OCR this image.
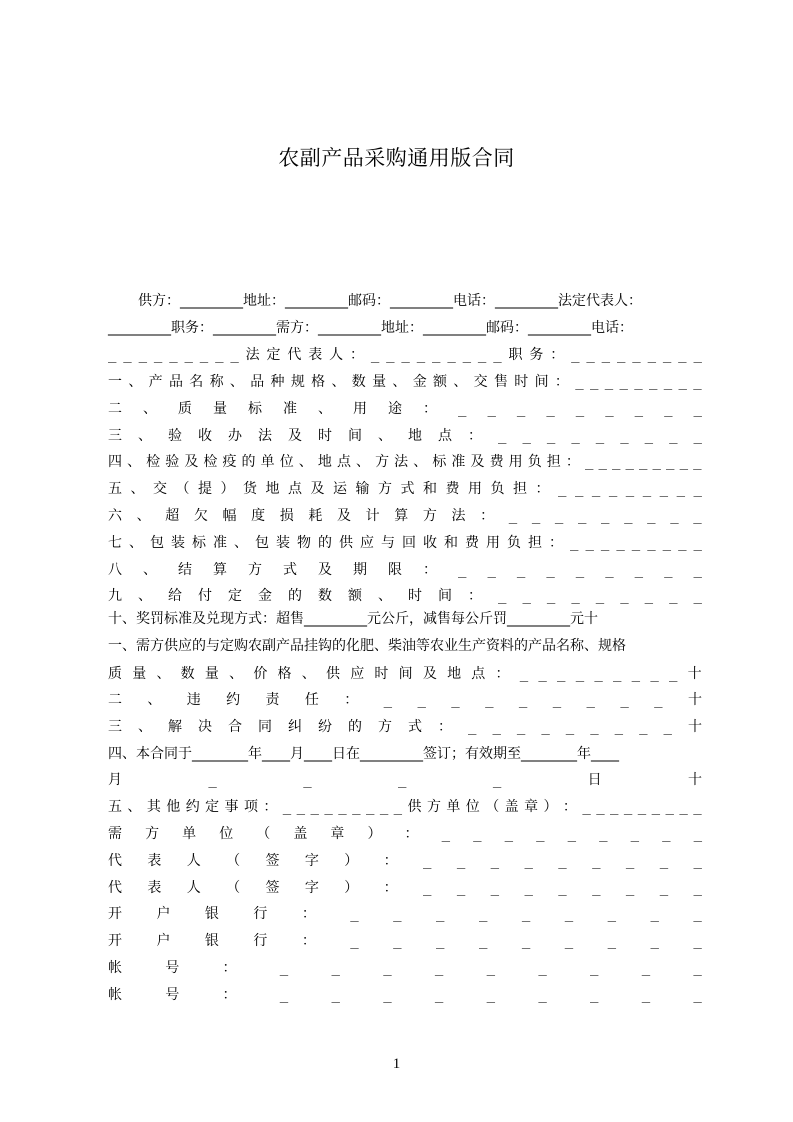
农副产品采购通用版合同
供方：_________地址：_________邮码：_________电话：_________法定代表人：
_________职务：_________需方：_________地址：_________邮码：_________电话：
_ _ _ _ _ _ _ _ _ 法 定 代 表 人 ： _ _ _ _ _ _ _ _ _ 职 务 ： _ _ _ _ _ _ _ _ _
一 、 产 品 名 称 、 品 种 规 格 、 数 量 、 金 额 、 交 售 时 间 ： _ _ _ _ _ _ _ _ _
二 、 质 量 标 准 、 用 途 ： _ _ _ _ _ _ _ _ _
三 、 验 收 办 法 及 时 间 、 地 点 ： _ _ _ _ _ _ _ _ _
四 、 检 验 及 检 疫 的 单 位 、 地 点 、 方 法 、 标 准 及 费 用 负 担 ： _ _ _ _ _ _ _ _ _
五 、 交 （ 提 ） 货 地 点 及 运 输 方 式 和 费 用 负 担 ： _ _ _ _ _ _ _ _ _
六 、 超 欠 幅 度 损 耗 及 计 算 方 法 ： _ _ _ _ _ _ _ _ _
七 、 包 装 标 准 、 包 装 物 的 供 应 与 回 收 和 费 用 负 担 ： _ _ _ _ _ _ _ _ _
八 、 结 算 方 式 及 期 限 ： _ _ _ _ _ _ _ _ _
九 、 给 付 定 金 的 数 额 、 时 间 ： _ _ _ _ _ _ _ _ _
十、奖罚标准及兑现方式：超售_________元公斤，减售每公斤罚_________元十
一、需方供应的与定购农副产品挂钩的化肥、柴油等农业生产资料的产品名称、规格
质 量 、 数 量 、 价 格 、 供 应 时 间 及 地 点 ： _ _ _ _ _ _ _ _ _ 十
二 、 违 约 责 任 ： _ _ _ _ _ _ _ _ _ 十
三 、 解 决 合 同 纠 纷 的 方 式 ： _ _ _ _ _ _ _ _ _ 十
四、本合同于________年____月____日在_________签订；有效期至________年____
月	_	_	_	_	日	十
五 、 其 他 约 定 事 项 ： _ _ _ _ _ _ _ _ _ 供 方 单 位 （ 盖 章 ） ： _ _ _ _ _ _ _ _ _
需 方 单 位 （ 盖 章 ） ： _ _ _ _ _ _ _ _ _
代 表 人 （ 签 字 ） ： _ _ _ _ _ _ _ _ _
代 表 人 （ 签 字 ） ： _ _ _ _ _ _ _ _ _
开 户 银 行 ： _ _ _ _ _ _ _ _ _
开 户 银 行 ： _ _ _ _ _ _ _ _ _
帐	号	：	_	_	_	_	_	_	_	_	_
帐	号	：	_	_	_	_	_	_	_	_	_
1
